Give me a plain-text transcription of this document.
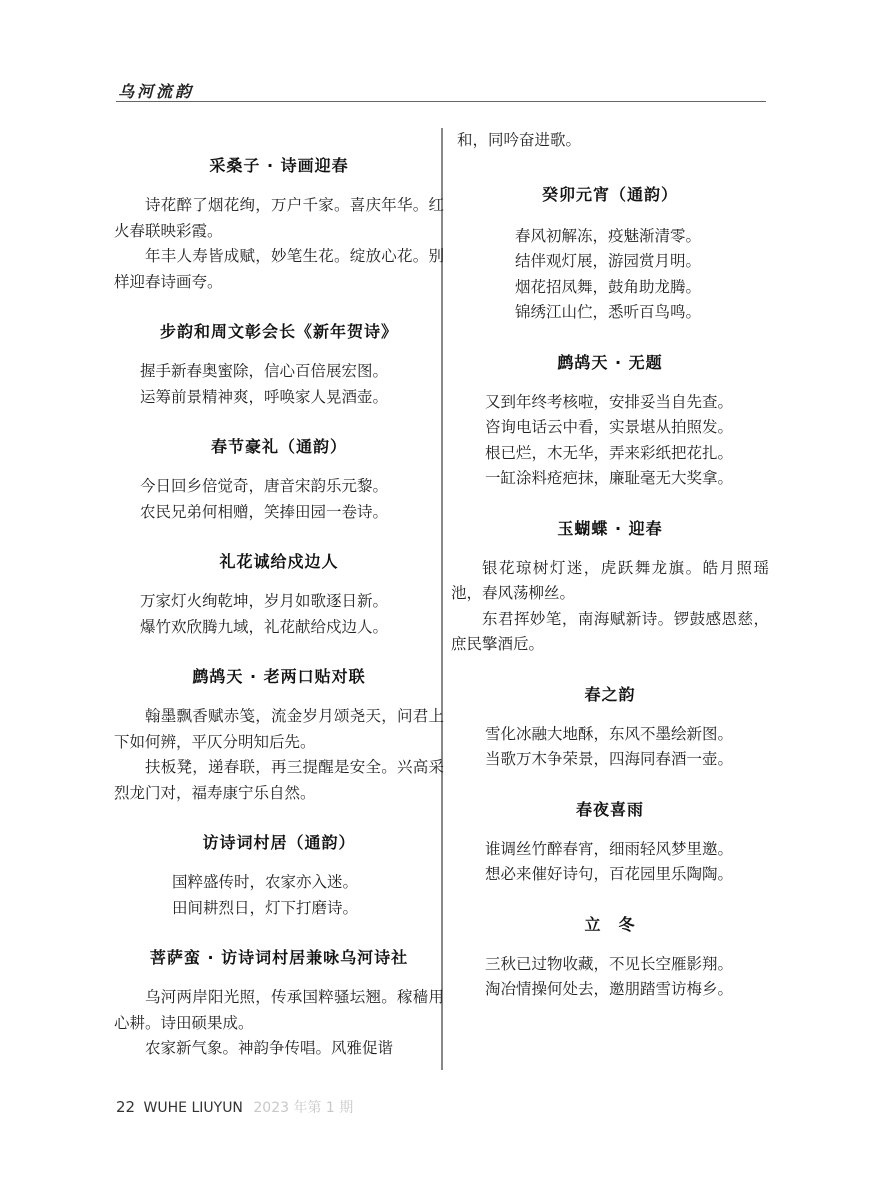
乌河流韵
采桑子 · 诗画迎春

诗花醉了烟花绚，万户千家。喜庆年华。红火春联映彩霞。

年丰人寿皆成赋，妙笔生花。绽放心花。别样迎春诗画夸。

步韵和周文彰会长《新年贺诗》

握手新春奥蜜除，信心百倍展宏图。

运筹前景精神爽，呼唤家人晃酒壶。

春节豪礼（通韵）

今日回乡倍觉奇，唐音宋韵乐元黎。

农民兄弟何相赠，笑捧田园一卷诗。

礼花诚给戍边人

万家灯火绚乾坤，岁月如歌逐日新。

爆竹欢欣腾九域，礼花献给戍边人。

鹧鸪天 · 老两口贴对联

翰墨飘香赋赤笺，流金岁月颂尧天，问君上下如何辨，平仄分明知后先。

扶板凳，递春联，再三提醒是安全。兴高采烈龙门对，福寿康宁乐自然。

访诗词村居（通韵）

国粹盛传时，农家亦入迷。

田间耕烈日，灯下打磨诗。

菩萨蛮 · 访诗词村居兼咏乌河诗社

乌河两岸阳光照，传承国粹骚坛翘。稼穑用心耕。诗田硕果成。

农家新气象。神韵争传唱。风雅促谐

和，同吟奋进歌。

癸卯元宵（通韵）

春风初解冻，疫魅渐清零。

结伴观灯展，游园赏月明。

烟花招凤舞，鼓角助龙腾。

锦绣江山伫，悉听百鸟鸣。

鹧鸪天 · 无题

又到年终考核啦，安排妥当自先查。

咨询电话云中看，实景堪从拍照发。

根已烂，木无华，弄来彩纸把花扎。

一缸涂料疮疤抹，廉耻毫无大奖拿。

玉蝴蝶 · 迎春

银花琼树灯迷，虎跃舞龙旗。皓月照瑶池，春风荡柳丝。

东君挥妙笔，南海赋新诗。锣鼓感恩慈，庶民擎酒卮。

春之韵

雪化冰融大地酥，东风不墨绘新图。

当歌万木争荣景，四海同春酒一壶。

春夜喜雨

谁调丝竹醉春宵，细雨轻风梦里邀。

想必来催好诗句，百花园里乐陶陶。

立　冬

三秋已过物收藏，不见长空雁影翔。

淘冶情操何处去，邀朋踏雪访梅乡。

22 WUHE LIUYUN 2023 年第 1 期
